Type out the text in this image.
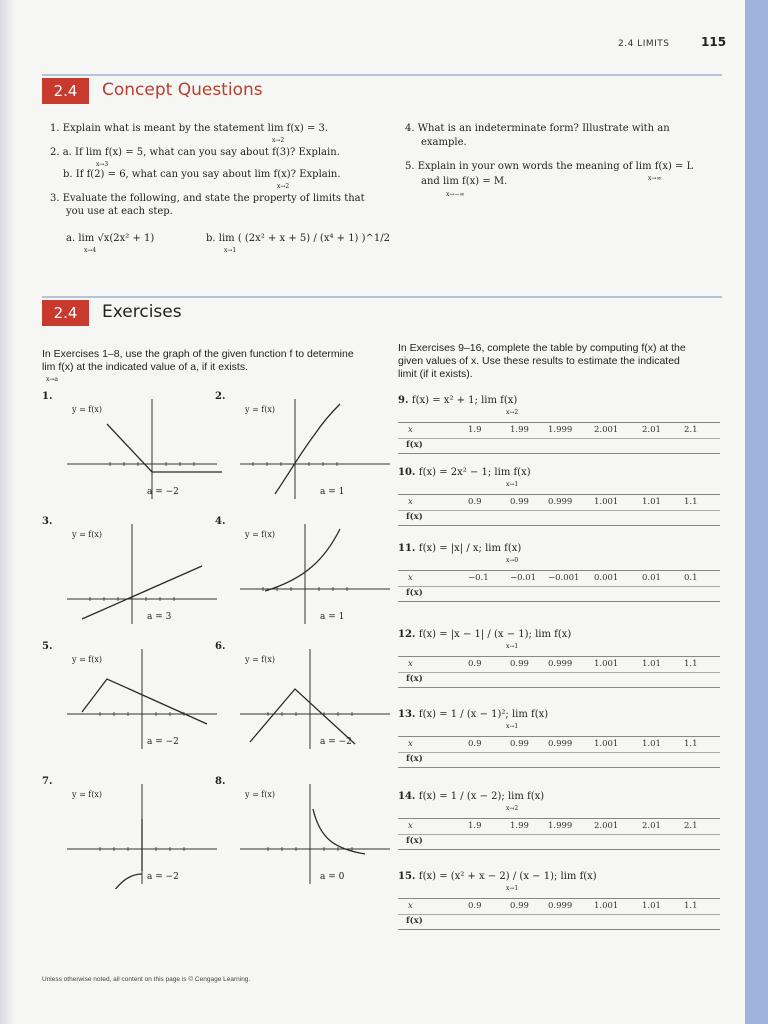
2.4 LIMITS	115
2.4	Concept Questions
1. Explain what is meant by the statement lim f(x) = 3.
x→2
2. a. If lim f(x) = 5, what can you say about f(3)? Explain.
x→3
b. If f(2) = 6, what can you say about lim f(x)? Explain.
x→2
3. Evaluate the following, and state the property of limits that
you use at each step.
a. lim √x(2x² + 1)
x→4
b. lim ( (2x² + x + 5) / (x⁴ + 1) )^1/2
x→1
4. What is an indeterminate form? Illustrate with an
example.
5. Explain in your own words the meaning of lim f(x) = L
x→∞
and lim f(x) = M.
x→−∞
2.4	Exercises
In Exercises 1–8, use the graph of the given function f to determine
lim f(x) at the indicated value of a, if it exists.
x→a
In Exercises 9–16, complete the table by computing f(x) at the
given values of x. Use these results to estimate the indicated
limit (if it exists).
1.
y = f(x)
a = −2
2.
y = f(x)
a = 1
3.
y = f(x)
a = 3
4.
y = f(x)
a = 1
5.
y = f(x)
a = −2
6.
y = f(x)
a = −2
7.
y = f(x)
a = −2
8.
y = f(x)
a = 0
9. f(x) = x² + 1; lim f(x)
x→2
x	1.9	1.99 1.999	2.001	2.01	2.1
f(x)
10. f(x) = 2x² − 1; lim f(x)
x→1
x	0.9	0.99 0.999	1.001	1.01	1.1
f(x)
11. f(x) = |x| / x; lim f(x)
x→0
x	−0.1	−0.01 −0.001 0.001	0.01	0.1
f(x)
12. f(x) = |x − 1| / (x − 1); lim f(x)
x→1
x	0.9	0.99 0.999	1.001	1.01	1.1
f(x)
13. f(x) = 1 / (x − 1)²; lim f(x)
x→1
x	0.9	0.99 0.999	1.001	1.01	1.1
f(x)
14. f(x) = 1 / (x − 2); lim f(x)
x→2
x	1.9	1.99 1.999	2.001	2.01	2.1
f(x)
15. f(x) = (x² + x − 2) / (x − 1); lim f(x)
x→1
x	0.9	0.99 0.999	1.001	1.01	1.1
f(x)
Unless otherwise noted, all content on this page is © Cengage Learning.
